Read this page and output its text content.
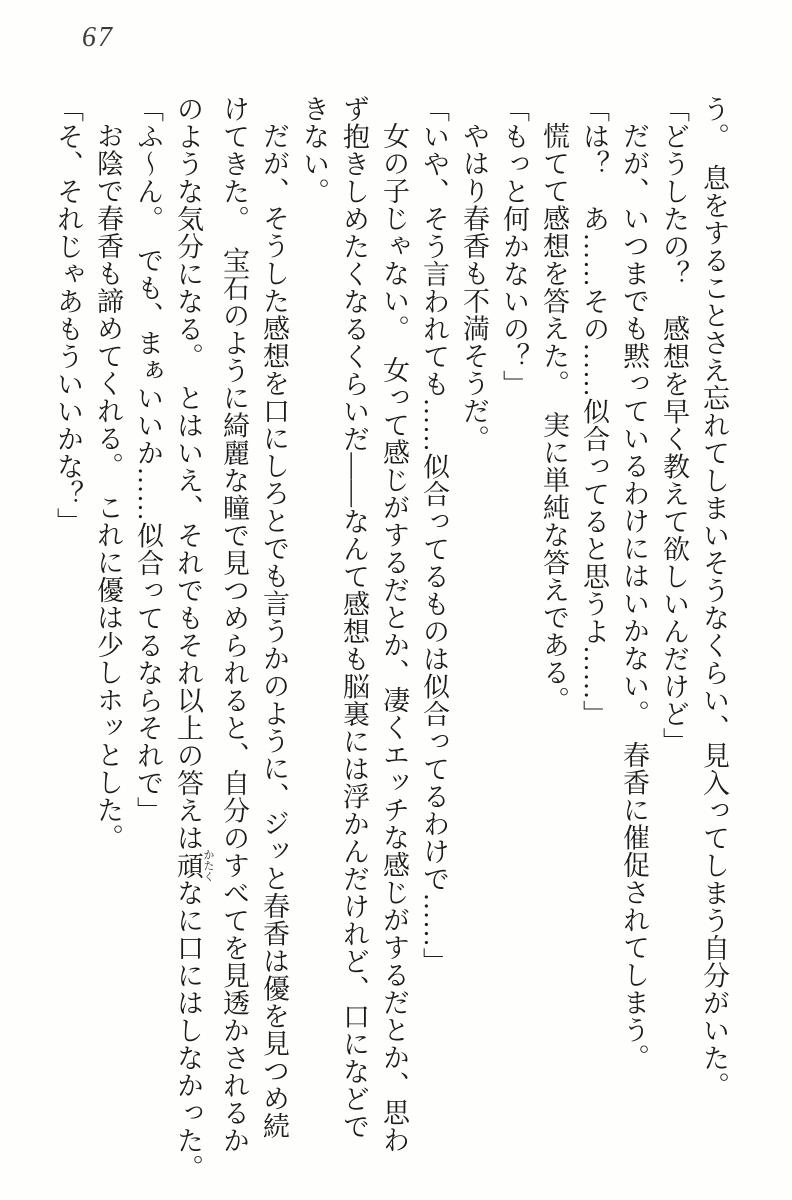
67

う。　息をすることさえ忘れてしまいそうなくらい、見入ってしまう自分がいた。

「どうしたの？　感想を早く教えて欲しいんだけど」

だが、いつまでも黙っているわけにはいかない。　春香に催促されてしまう。

「は？　あ……その……似合ってると思うよ……」

慌てて感想を答えた。　実に単純な答えである。

「もっと何かないの？」

やはり春香も不満そうだ。

「いや、そう言われても……似合ってるものは似合ってるわけで……」

女の子じゃない。　女って感じがするだとか、凄くエッチな感じがするだとか、思わ

ず抱きしめたくなるくらいだ――なんて感想も脳裏には浮かんだけれど、口になどで

きない。

だが、そうした感想を口にしろとでも言うかのように、ジッと春香は優を見つめ続

けてきた。　宝石のように綺麗な瞳で見つめられると、自分のすべてを見透かされるか

のような気分になる。　とはいえ、それでもそれ以上の答えは頑 かたくなに口にはしなかった。

「ふ〜ん。　でも、まぁいいか……似合ってるならそれで」

お陰で春香も諦めてくれる。　これに優は少しホッとした。

「そ、それじゃあもういいかな？」
